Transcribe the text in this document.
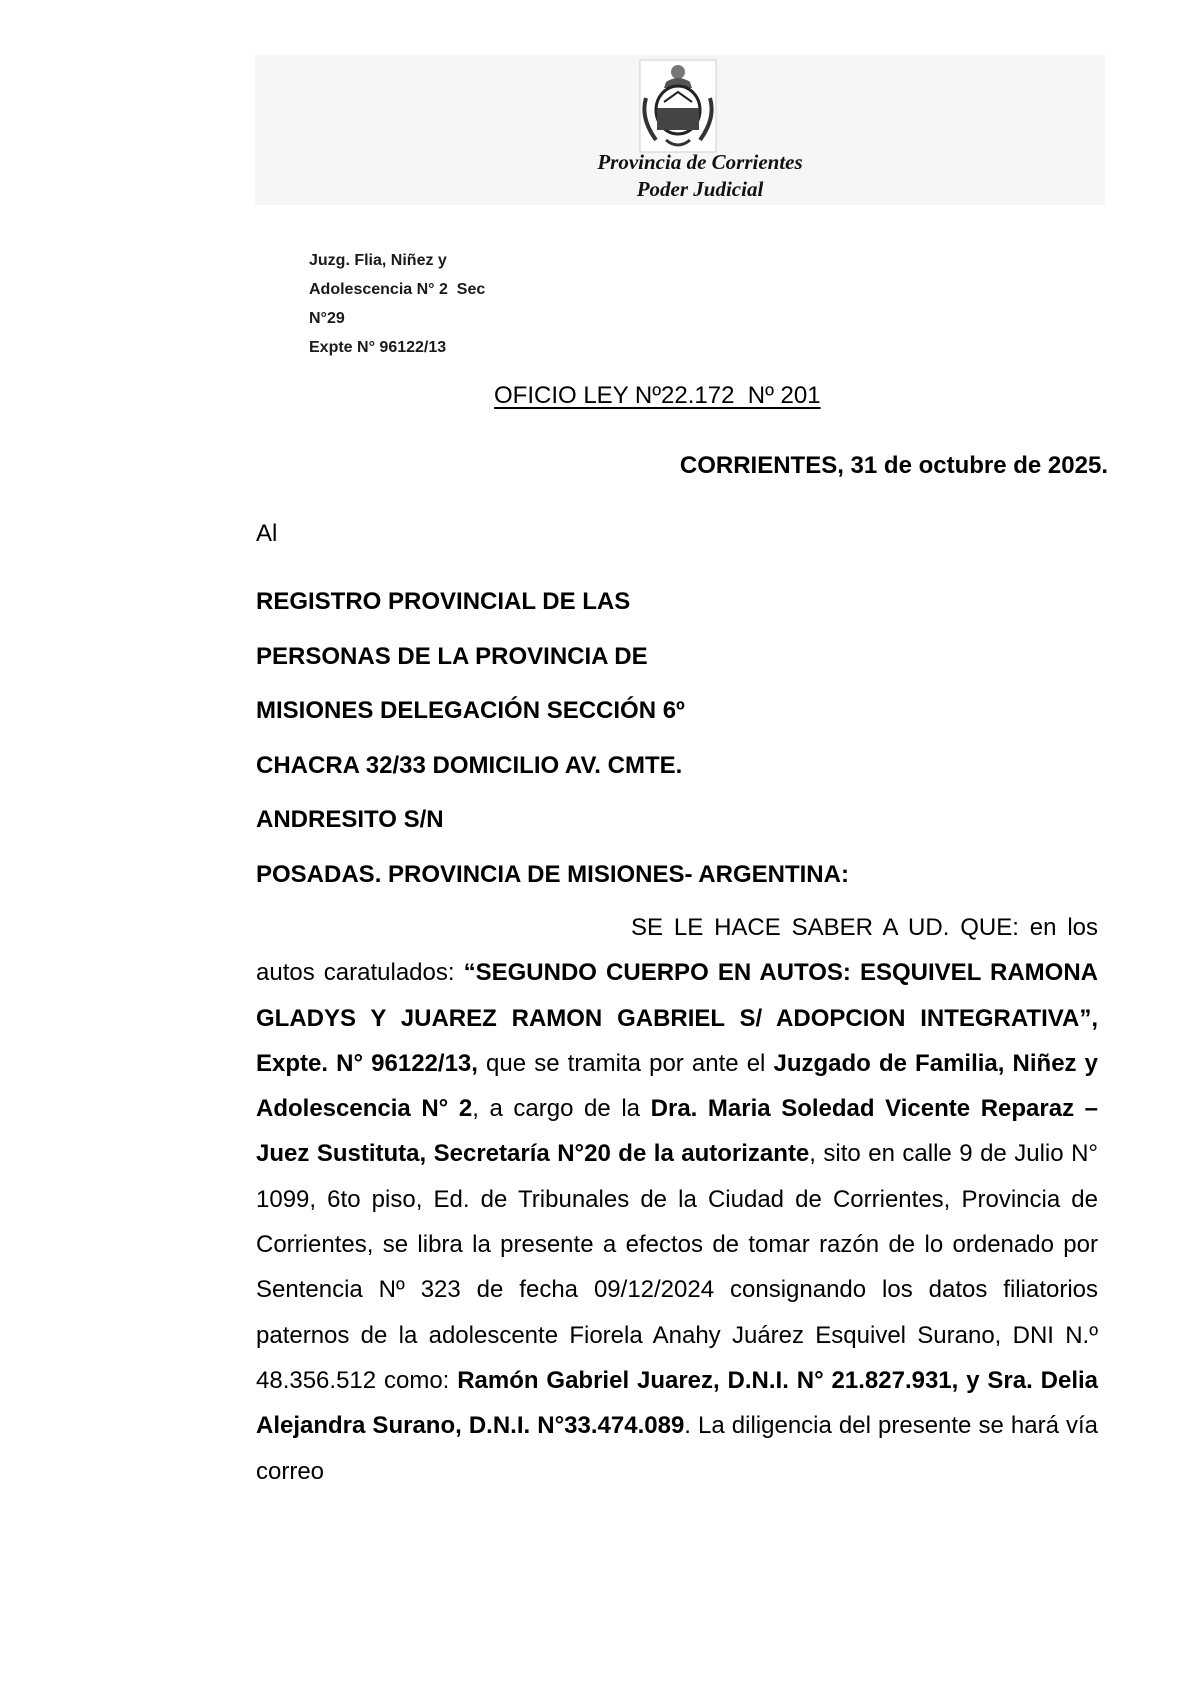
Provincia de Corrientes
Poder Judicial
Juzg. Flia, Niñez y
Adolescencia N° 2  Sec
N°29
Expte N° 96122/13
OFICIO LEY Nº22.172  Nº 201
CORRIENTES, 31 de octubre de 2025.
Al
REGISTRO PROVINCIAL DE LAS
PERSONAS DE LA PROVINCIA DE
MISIONES DELEGACIÓN SECCIÓN 6º
CHACRA 32/33 DOMICILIO AV. CMTE.
ANDRESITO S/N
POSADAS. PROVINCIA DE MISIONES- ARGENTINA:
SE LE HACE SABER A UD. QUE: en los autos caratulados: “SEGUNDO CUERPO EN AUTOS: ESQUIVEL RAMONA GLADYS Y JUAREZ RAMON GABRIEL S/ ADOPCION INTEGRATIVA”, Expte. N° 96122/13, que se tramita por ante el Juzgado de Familia, Niñez y Adolescencia N° 2, a cargo de la Dra. Maria Soledad Vicente Reparaz – Juez Sustituta, Secretaría N°20 de la autorizante, sito en calle 9 de Julio N° 1099, 6to piso, Ed. de Tribunales de la Ciudad de Corrientes, Provincia de Corrientes, se libra la presente a efectos de tomar razón de lo ordenado por Sentencia Nº 323 de fecha 09/12/2024 consignando los datos filiatorios paternos de la adolescente Fiorela Anahy Juárez Esquivel Surano, DNI N.º 48.356.512 como: Ramón Gabriel Juarez, D.N.I. N° 21.827.931, y Sra. Delia Alejandra Surano, D.N.I. N°33.474.089. La diligencia del presente se hará vía correo
